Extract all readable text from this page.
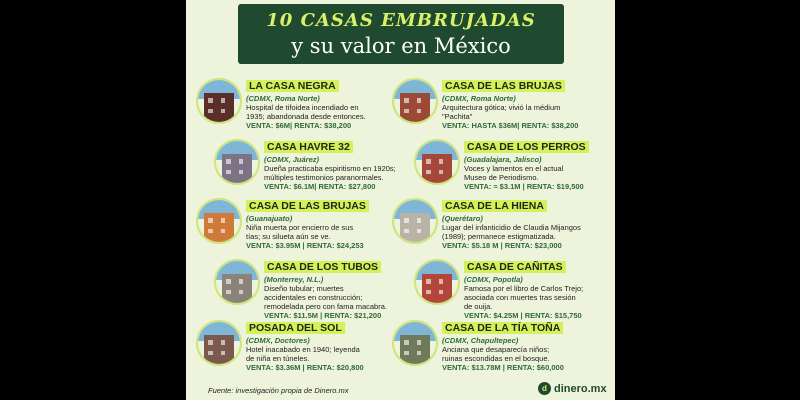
10 CASAS EMBRUJADAS
y su valor en México
LA CASA NEGRA
(CDMX, Roma Norte)
Hospital de tifoidea incendiado en
1935; abandonada desde entonces.
VENTA: $6M| RENTA: $38,200
CASA DE LAS BRUJAS
(CDMX, Roma Norte)
Arquitectura gótica; vivió la médium
"Pachita"
VENTA: HASTA $36M| RENTA: $38,200
CASA HAVRE 32
(CDMX, Juárez)
Dueña practicaba espiritismo en 1920s;
múltiples testimonios paranormales.
VENTA: $6.1M| RENTA: $27,800
CASA DE LOS PERROS
(Guadalajara, Jalisco)
Voces y lamentos en el actual
Museo de Periodismo.
VENTA: ≈ $3.1M | RENTA: $19,500
CASA DE LAS BRUJAS
(Guanajuato)
Niña muerta por encierro de sus
tías; su silueta aún se ve.
VENTA: $3.95M | RENTA: $24,253
CASA DE LA HIENA
(Querétaro)
Lugar del infanticidio de Claudia Mijangos
(1989); permanece estigmatizada.
VENTA: $5.18 M | RENTA: $23,000
CASA DE LOS TUBOS
(Monterrey, N.L.)
Diseño tubular; muertes
accidentales en construcción;
remodelada pero con fama macabra.
VENTA: $11.5M | RENTA: $21,200
CASA DE CAÑITAS
(CDMX, Popotla)
Famosa por el libro de Carlos Trejo;
asociada con muertes tras sesión
de ouija.
VENTA: $4.25M | RENTA: $15,750
POSADA DEL SOL
(CDMX, Doctores)
Hotel inacabado en 1940; leyenda
de niña en túneles.
VENTA: $3.36M | RENTA: $20,800
CASA DE LA TÍA TOÑA
(CDMX, Chapultepec)
Anciana que desaparecía niños;
ruinas escondidas en el bosque.
VENTA: $13.78M | RENTA: $60,000
Fuente: investigación propia de Dinero.mx	d dinero.mx
